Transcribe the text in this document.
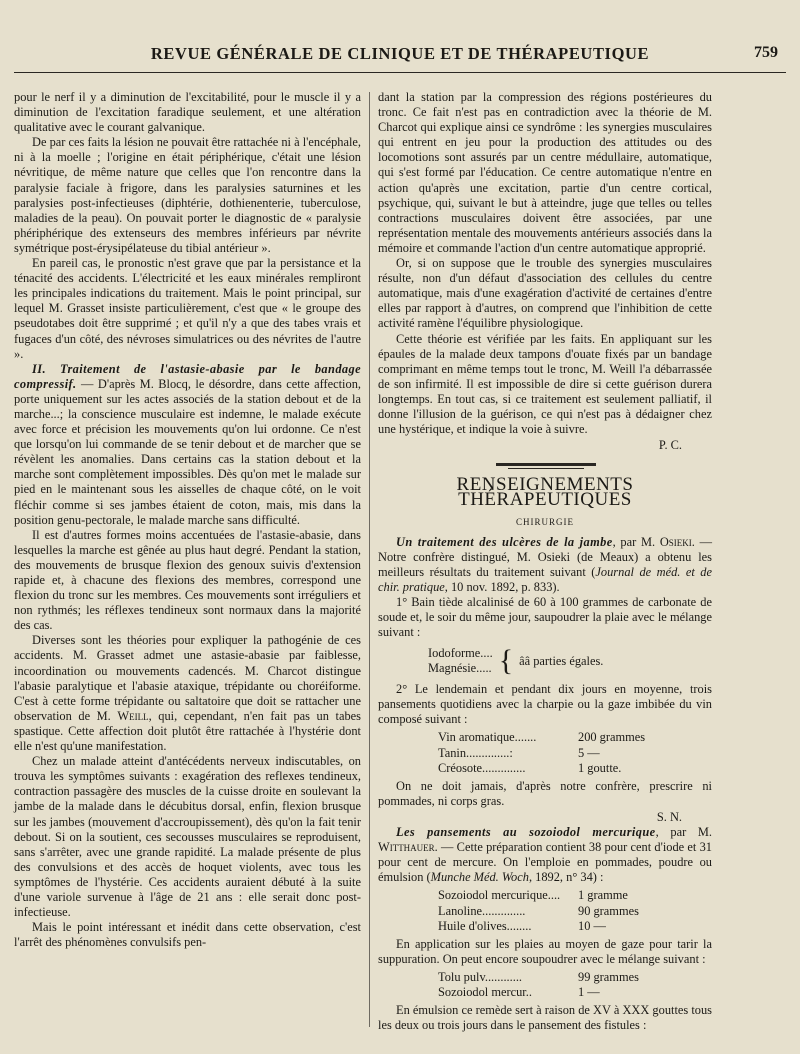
REVUE GÉNÉRALE DE CLINIQUE ET DE THÉRAPEUTIQUE	759

pour le nerf il y a diminution de l'excitabilité, pour le muscle il y a diminution de l'excitation faradique seulement, et une altération qualitative avec le courant galvanique.

De par ces faits la lésion ne pouvait être rattachée ni à l'encéphale, ni à la moelle ; l'origine en était périphérique, c'était une lésion névritique, de même nature que celles que l'on rencontre dans la paralysie faciale à frigore, dans les paralysies saturnines et les paralysies post-infectieuses (diphtérie, dothienenterie, tuberculose, maladies de la peau). On pouvait porter le diagnostic de « paralysie phériphérique des extenseurs des membres inférieurs par névrite symétrique post-érysipélateuse du tibial antérieur ».

En pareil cas, le pronostic n'est grave que par la persistance et la ténacité des accidents. L'électricité et les eaux minérales rempliront les principales indications du traitement. Mais le point principal, sur lequel M. Grasset insiste particulièrement, c'est que « le groupe des pseudotabes doit être supprimé ; et qu'il n'y a que des tabes vrais et fugaces d'un côté, des névroses simulatrices ou des névrites de l'autre ».

II. Traitement de l'astasie-abasie par le bandage compressif. — D'après M. Blocq, le désordre, dans cette affection, porte uniquement sur les actes associés de la station debout et de la marche...; la conscience musculaire est indemne, le malade exécute avec force et précision les mouvements qu'on lui ordonne. Ce n'est que lorsqu'on lui commande de se tenir debout et de marcher que se révèlent les anomalies. Dans certains cas la station debout et la marche sont complètement impossibles. Dès qu'on met le malade sur pied en le maintenant sous les aisselles de chaque côté, on le voit fléchir comme si ses jambes étaient de coton, mais, mis dans la position genu-pectorale, le malade marche sans difficulté.

Il est d'autres formes moins accentuées de l'astasie-abasie, dans lesquelles la marche est gênée au plus haut degré. Pendant la station, des mouvements de brusque flexion des genoux suivis d'extension rapide et, à chacune des flexions des membres, correspond une flexion du tronc sur les membres. Ces mouvements sont irréguliers et non rythmés; les réflexes tendineux sont normaux dans la majorité des cas.

Diverses sont les théories pour expliquer la pathogénie de ces accidents. M. Grasset admet une astasie-abasie par faiblesse, incoordination ou mouvements cadencés. M. Charcot distingue l'abasie paralytique et l'abasie ataxique, trépidante ou choréiforme. C'est à cette forme trépidante ou saltatoire que doit se rattacher une observation de M. Weill, qui, cependant, n'en fait pas un tabes spastique. Cette affection doit plutôt être rattachée à l'hystérie dont elle n'est qu'une manifestation.

Chez un malade atteint d'antécédents nerveux indiscutables, on trouva les symptômes suivants : exagération des reflexes tendineux, contraction passagère des muscles de la cuisse droite en soulevant la jambe de la malade dans le décubitus dorsal, enfin, flexion brusque sur les jambes (mouvement d'accroupissement), dès qu'on la fait tenir debout. Si on la soutient, ces secousses musculaires se reproduisent, sans s'arrêter, avec une grande rapidité. La malade présente de plus des convulsions et des accès de hoquet violents, avec tous les symptômes de l'hystérie. Ces accidents auraient débuté à la suite d'une variole survenue à l'âge de 21 ans : elle serait donc post-infectieuse.

Mais le point intéressant et inédit dans cette observation, c'est l'arrêt des phénomènes convulsifs pen-

dant la station par la compression des régions postérieures du tronc. Ce fait n'est pas en contradiction avec la théorie de M. Charcot qui explique ainsi ce syndrôme : les synergies musculaires qui entrent en jeu pour la production des attitudes ou des locomotions sont assurés par un centre médullaire, automatique, qui s'est formé par l'éducation. Ce centre automatique n'entre en action qu'après une excitation, partie d'un centre cortical, psychique, qui, suivant le but à atteindre, juge que telles ou telles contractions musculaires doivent être associées, par une représentation mentale des mouvements antérieurs associés dans la mémoire et commande l'action d'un centre automatique approprié.

Or, si on suppose que le trouble des synergies musculaires résulte, non d'un défaut d'association des cellules du centre automatique, mais d'une exagération d'activité de certaines d'entre elles par rapport à d'autres, on comprend que l'inhibition de cette activité ramène l'équilibre physiologique.

Cette théorie est vérifiée par les faits. En appliquant sur les épaules de la malade deux tampons d'ouate fixés par un bandage comprimant en même temps tout le tronc, M. Weill l'a débarrassée de son infirmité. Il est impossible de dire si cette guérison durera longtemps. En tout cas, si ce traitement est seulement palliatif, il donne l'illusion de la guérison, ce qui n'est pas à dédaigner chez une hystérique, et indique la voie à suivre.

P. C.
RENSEIGNEMENTS THÉRAPEUTIQUES
CHIRURGIE

Un traitement des ulcères de la jambe, par M. Osieki. — Notre confrère distingué, M. Osieki (de Meaux) a obtenu les meilleurs résultats du traitement suivant (Journal de méd. et de chir. pratique, 10 nov. 1892, p. 833).

1° Bain tiède alcalinisé de 60 à 100 grammes de carbonate de soude et, le soir du même jour, saupoudrer la plaie avec le mélange suivant :

Iodoforme....
Magnésie..... { ââ parties égales.

2° Le lendemain et pendant dix jours en moyenne, trois pansements quotidiens avec la charpie ou la gaze imbibée du vin composé suivant :

Vin aromatique.......	200 grammes
Tanin..............:	5 —
Créosote..............	1 goutte.

On ne doit jamais, d'après notre confrère, prescrire ni pommades, ni corps gras.

S. N.

Les pansements au sozoiodol mercurique, par M. Witthauer. — Cette préparation contient 38 pour cent d'iode et 31 pour cent de mercure. On l'emploie en pommades, poudre ou émulsion (Munche Méd. Woch, 1892, n° 34) :

Sozoiodol mercurique....	1 gramme
Lanoline..............	90 grammes
Huile d'olives........	10 —

En application sur les plaies au moyen de gaze pour tarir la suppuration. On peut encore soupoudrer avec le mélange suivant :

Tolu pulv............	99 grammes
Sozoiodol mercur..	1 —

En émulsion ce remède sert à raison de XV à XXX gouttes tous les deux ou trois jours dans le pansement des fistules :
